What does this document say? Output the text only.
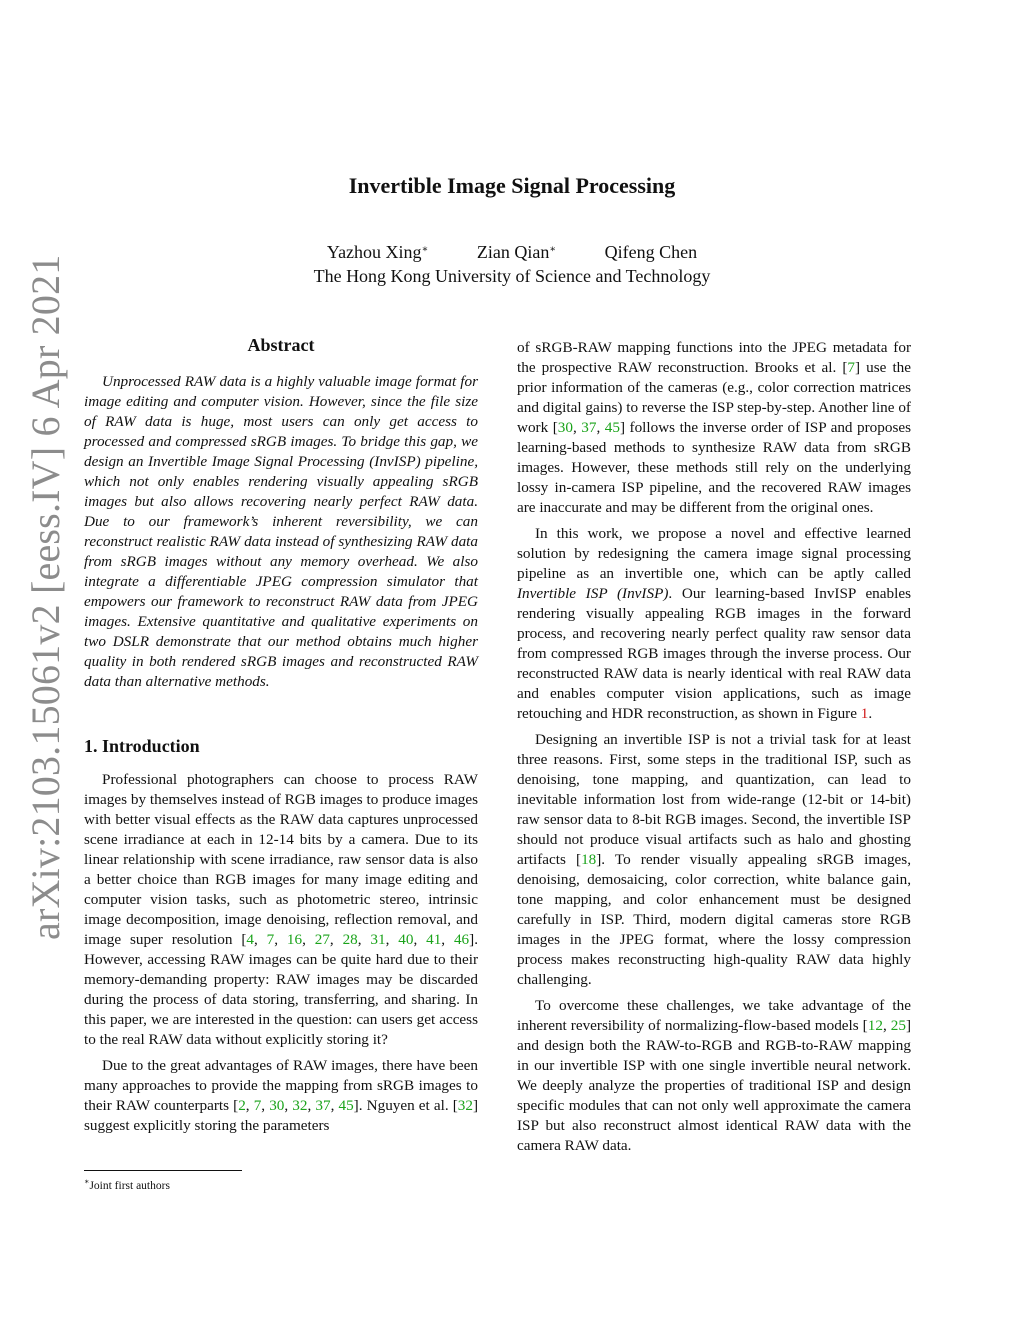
arXiv:2103.15061v2 [eess.IV] 6 Apr 2021
Invertible Image Signal Processing
Yazhou Xing∗	Zian Qian∗	Qifeng Chen
The Hong Kong University of Science and Technology
Abstract

Unprocessed RAW data is a highly valuable image format for image editing and computer vision. However, since the file size of RAW data is huge, most users can only get access to processed and compressed sRGB images. To bridge this gap, we design an Invertible Image Signal Processing (InvISP) pipeline, which not only enables rendering visually appealing sRGB images but also allows recovering nearly perfect RAW data. Due to our framework’s inherent reversibility, we can reconstruct realistic RAW data instead of synthesizing RAW data from sRGB images without any memory overhead. We also integrate a differentiable JPEG compression simulator that empowers our framework to reconstruct RAW data from JPEG images. Extensive quantitative and qualitative experiments on two DSLR demonstrate that our method obtains much higher quality in both rendered sRGB images and reconstructed RAW data than alternative methods.

1. Introduction

Professional photographers can choose to process RAW images by themselves instead of RGB images to produce images with better visual effects as the RAW data captures unprocessed scene irradiance at each in 12-14 bits by a camera. Due to its linear relationship with scene irradiance, raw sensor data is also a better choice than RGB images for many image editing and computer vision tasks, such as photometric stereo, intrinsic image decomposition, image denoising, reflection removal, and image super resolution [4, 7, 16, 27, 28, 31, 40, 41, 46]. However, accessing RAW images can be quite hard due to their memory-demanding property: RAW images may be discarded during the process of data storing, transferring, and sharing. In this paper, we are interested in the question: can users get access to the real RAW data without explicitly storing it?

Due to the great advantages of RAW images, there have been many approaches to provide the mapping from sRGB images to their RAW counterparts [2, 7, 30, 32, 37, 45]. Nguyen et al. [32] suggest explicitly storing the parameters

∗Joint first authors

of sRGB-RAW mapping functions into the JPEG metadata for the prospective RAW reconstruction. Brooks et al. [7] use the prior information of the cameras (e.g., color correction matrices and digital gains) to reverse the ISP step-by-step. Another line of work [30, 37, 45] follows the inverse order of ISP and proposes learning-based methods to synthesize RAW data from sRGB images. However, these methods still rely on the underlying lossy in-camera ISP pipeline, and the recovered RAW images are inaccurate and may be different from the original ones.

In this work, we propose a novel and effective learned solution by redesigning the camera image signal processing pipeline as an invertible one, which can be aptly called Invertible ISP (InvISP). Our learning-based InvISP enables rendering visually appealing RGB images in the forward process, and recovering nearly perfect quality raw sensor data from compressed RGB images through the inverse process. Our reconstructed RAW data is nearly identical with real RAW data and enables computer vision applications, such as image retouching and HDR reconstruction, as shown in Figure 1.

Designing an invertible ISP is not a trivial task for at least three reasons. First, some steps in the traditional ISP, such as denoising, tone mapping, and quantization, can lead to inevitable information lost from wide-range (12-bit or 14-bit) raw sensor data to 8-bit RGB images. Second, the invertible ISP should not produce visual artifacts such as halo and ghosting artifacts [18]. To render visually appealing sRGB images, denoising, demosaicing, color correction, white balance gain, tone mapping, and color enhancement must be designed carefully in ISP. Third, modern digital cameras store RGB images in the JPEG format, where the lossy compression process makes reconstructing high-quality RAW data highly challenging.

To overcome these challenges, we take advantage of the inherent reversibility of normalizing-flow-based models [12, 25] and design both the RAW-to-RGB and RGB-to-RAW mapping in our invertible ISP with one single invertible neural network. We deeply analyze the properties of traditional ISP and design specific modules that can not only well approximate the camera ISP but also reconstruct almost identical RAW data with the camera RAW data.
